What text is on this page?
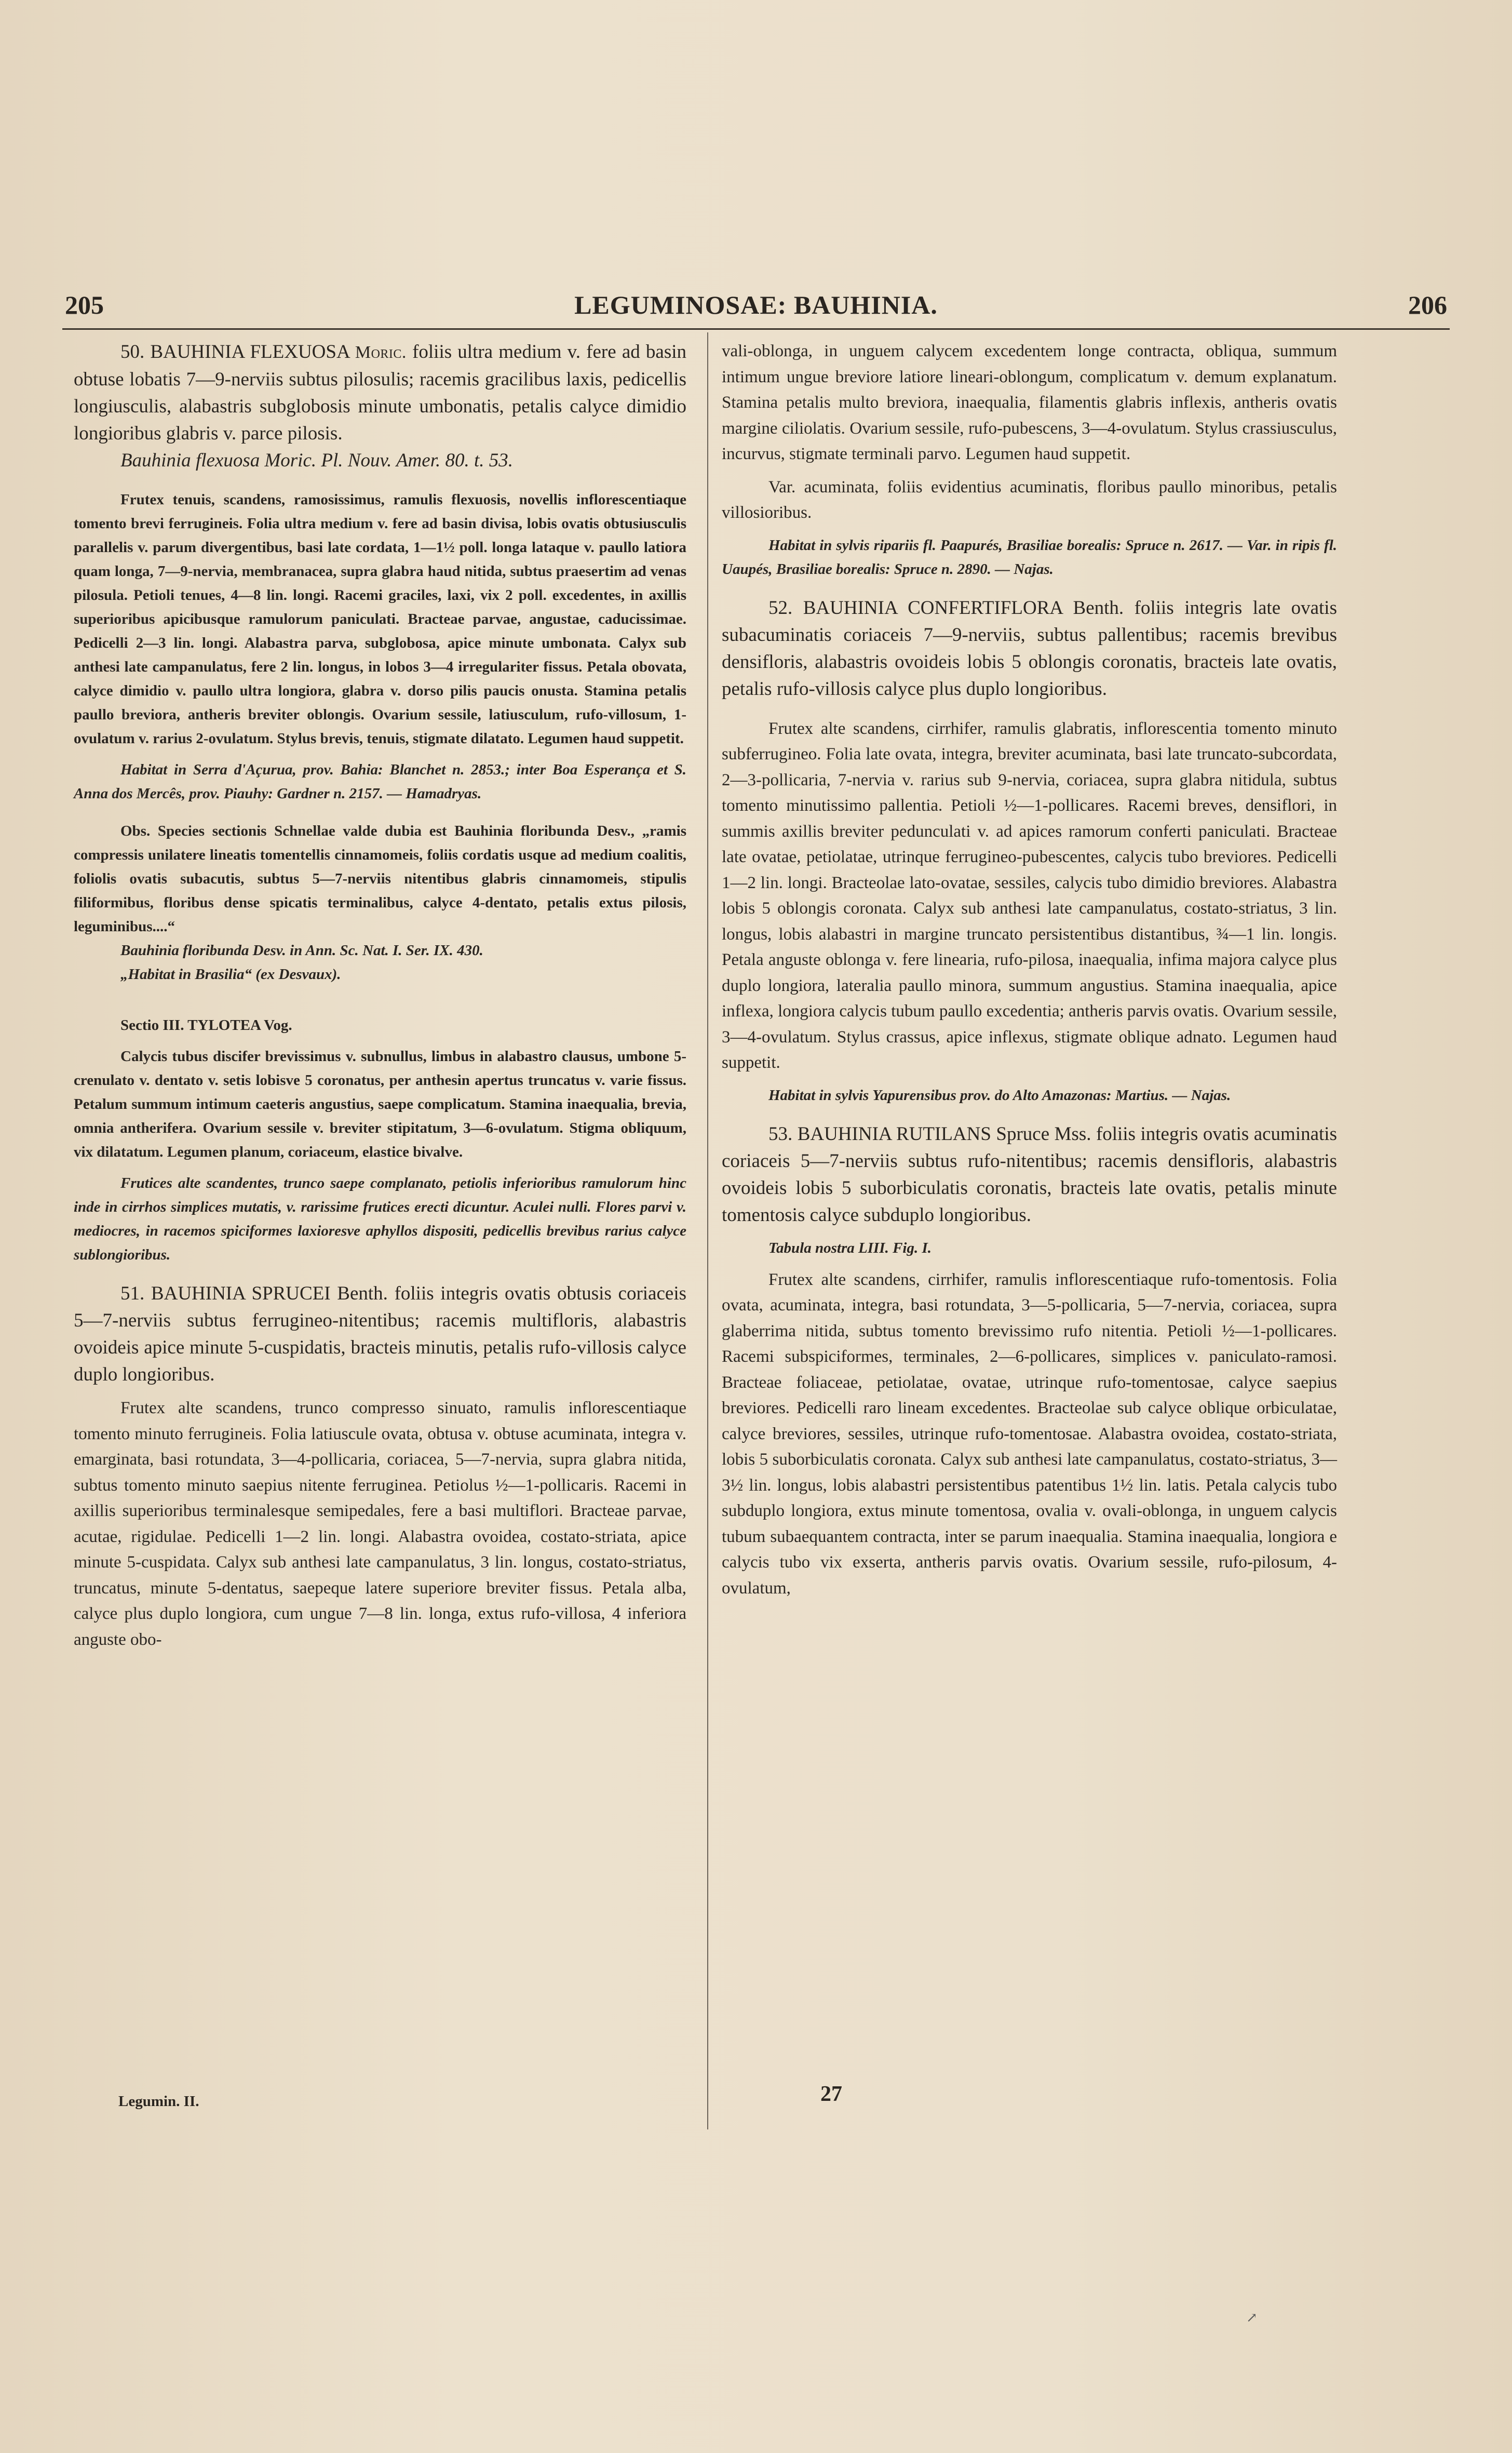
205	LEGUMINOSAE: BAUHINIA.	206

50. BAUHINIA FLEXUOSA Moric. foliis ultra medium v. fere ad basin obtuse lobatis 7—9-nerviis subtus pilosulis; racemis gracilibus laxis, pedicellis longiusculis, alabastris subglobosis minute umbonatis, petalis calyce dimidio longioribus glabris v. parce pilosis.

Bauhinia flexuosa Moric. Pl. Nouv. Amer. 80. t. 53.

Frutex tenuis, scandens, ramosissimus, ramulis flexuosis, novellis inflorescentiaque tomento brevi ferrugineis. Folia ultra medium v. fere ad basin divisa, lobis ovatis obtusiusculis parallelis v. parum divergentibus, basi late cordata, 1—1½ poll. longa lataque v. paullo latiora quam longa, 7—9-nervia, membranacea, supra glabra haud nitida, subtus praesertim ad venas pilosula. Petioli tenues, 4—8 lin. longi. Racemi graciles, laxi, vix 2 poll. excedentes, in axillis superioribus apicibusque ramulorum paniculati. Bracteae parvae, angustae, caducissimae. Pedicelli 2—3 lin. longi. Alabastra parva, subglobosa, apice minute umbonata. Calyx sub anthesi late campanulatus, fere 2 lin. longus, in lobos 3—4 irregulariter fissus. Petala obovata, calyce dimidio v. paullo ultra longiora, glabra v. dorso pilis paucis onusta. Stamina petalis paullo breviora, antheris breviter oblongis. Ovarium sessile, latiusculum, rufo-villosum, 1-ovulatum v. rarius 2-ovulatum. Stylus brevis, tenuis, stigmate dilatato. Legumen haud suppetit.

Habitat in Serra d'Açurua, prov. Bahia: Blanchet n. 2853.; inter Boa Esperança et S. Anna dos Mercês, prov. Piauhy: Gardner n. 2157. — Hamadryas.

Obs. Species sectionis Schnellae valde dubia est Bauhinia floribunda Desv., „ramis compressis unilatere lineatis tomentellis cinnamomeis, foliis cordatis usque ad medium coalitis, foliolis ovatis subacutis, subtus 5—7-nerviis nitentibus glabris cinnamomeis, stipulis filiformibus, floribus dense spicatis terminalibus, calyce 4-dentato, petalis extus pilosis, leguminibus....“

Bauhinia floribunda Desv. in Ann. Sc. Nat. I. Ser. IX. 430.

„Habitat in Brasilia“ (ex Desvaux).

Sectio III. TYLOTEA Vog.

Calycis tubus discifer brevissimus v. subnullus, limbus in alabastro clausus, umbone 5-crenulato v. dentato v. setis lobisve 5 coronatus, per anthesin apertus truncatus v. varie fissus. Petalum summum intimum caeteris angustius, saepe complicatum. Stamina inaequalia, brevia, omnia antherifera. Ovarium sessile v. breviter stipitatum, 3—6-ovulatum. Stigma obliquum, vix dilatatum. Legumen planum, coriaceum, elastice bivalve.

Frutices alte scandentes, trunco saepe complanato, petiolis inferioribus ramulorum hinc inde in cirrhos simplices mutatis, v. rarissime frutices erecti dicuntur. Aculei nulli. Flores parvi v. mediocres, in racemos spiciformes laxioresve aphyllos dispositi, pedicellis brevibus rarius calyce sublongioribus.

51. BAUHINIA SPRUCEI Benth. foliis integris ovatis obtusis coriaceis 5—7-nerviis subtus ferrugineo-nitentibus; racemis multifloris, alabastris ovoideis apice minute 5-cuspidatis, bracteis minutis, petalis rufo-villosis calyce duplo longioribus.

Frutex alte scandens, trunco compresso sinuato, ramulis inflorescentiaque tomento minuto ferrugineis. Folia latiuscule ovata, obtusa v. obtuse acuminata, integra v. emarginata, basi rotundata, 3—4-pollicaria, coriacea, 5—7-nervia, supra glabra nitida, subtus tomento minuto saepius nitente ferruginea. Petiolus ½—1-pollicaris. Racemi in axillis superioribus terminalesque semipedales, fere a basi multiflori. Bracteae parvae, acutae, rigidulae. Pedicelli 1—2 lin. longi. Alabastra ovoidea, costato-striata, apice minute 5-cuspidata. Calyx sub anthesi late campanulatus, 3 lin. longus, costato-striatus, truncatus, minute 5-dentatus, saepeque latere superiore breviter fissus. Petala alba, calyce plus duplo longiora, cum ungue 7—8 lin. longa, extus rufo-villosa, 4 inferiora anguste obo-

Legumin. II.

vali-oblonga, in unguem calycem excedentem longe contracta, obliqua, summum intimum ungue breviore latiore lineari-oblongum, complicatum v. demum explanatum. Stamina petalis multo breviora, inaequalia, filamentis glabris inflexis, antheris ovatis margine ciliolatis. Ovarium sessile, rufo-pubescens, 3—4-ovulatum. Stylus crassiusculus, incurvus, stigmate terminali parvo. Legumen haud suppetit.

Var. acuminata, foliis evidentius acuminatis, floribus paullo minoribus, petalis villosioribus.

Habitat in sylvis ripariis fl. Paapurés, Brasiliae borealis: Spruce n. 2617. — Var. in ripis fl. Uaupés, Brasiliae borealis: Spruce n. 2890. — Najas.

52. BAUHINIA CONFERTIFLORA Benth. foliis integris late ovatis subacuminatis coriaceis 7—9-nerviis, subtus pallentibus; racemis brevibus densifloris, alabastris ovoideis lobis 5 oblongis coronatis, bracteis late ovatis, petalis rufo-villosis calyce plus duplo longioribus.

Frutex alte scandens, cirrhifer, ramulis glabratis, inflorescentia tomento minuto subferrugineo. Folia late ovata, integra, breviter acuminata, basi late truncato-subcordata, 2—3-pollicaria, 7-nervia v. rarius sub 9-nervia, coriacea, supra glabra nitidula, subtus tomento minutissimo pallentia. Petioli ½—1-pollicares. Racemi breves, densiflori, in summis axillis breviter pedunculati v. ad apices ramorum conferti paniculati. Bracteae late ovatae, petiolatae, utrinque ferrugineo-pubescentes, calycis tubo breviores. Pedicelli 1—2 lin. longi. Bracteolae lato-ovatae, sessiles, calycis tubo dimidio breviores. Alabastra lobis 5 oblongis coronata. Calyx sub anthesi late campanulatus, costato-striatus, 3 lin. longus, lobis alabastri in margine truncato persistentibus distantibus, ¾—1 lin. longis. Petala anguste oblonga v. fere linearia, rufo-pilosa, inaequalia, infima majora calyce plus duplo longiora, lateralia paullo minora, summum angustius. Stamina inaequalia, apice inflexa, longiora calycis tubum paullo excedentia; antheris parvis ovatis. Ovarium sessile, 3—4-ovulatum. Stylus crassus, apice inflexus, stigmate oblique adnato. Legumen haud suppetit.

Habitat in sylvis Yapurensibus prov. do Alto Amazonas: Martius. — Najas.

53. BAUHINIA RUTILANS Spruce Mss. foliis integris ovatis acuminatis coriaceis 5—7-nerviis subtus rufo-nitentibus; racemis densifloris, alabastris ovoideis lobis 5 suborbiculatis coronatis, bracteis late ovatis, petalis minute tomentosis calyce subduplo longioribus.

Tabula nostra LIII. Fig. I.

Frutex alte scandens, cirrhifer, ramulis inflorescentiaque rufo-tomentosis. Folia ovata, acuminata, integra, basi rotundata, 3—5-pollicaria, 5—7-nervia, coriacea, supra glaberrima nitida, subtus tomento brevissimo rufo nitentia. Petioli ½—1-pollicares. Racemi subspiciformes, terminales, 2—6-pollicares, simplices v. paniculato-ramosi. Bracteae foliaceae, petiolatae, ovatae, utrinque rufo-tomentosae, calyce saepius breviores. Pedicelli raro lineam excedentes. Bracteolae sub calyce oblique orbiculatae, calyce breviores, sessiles, utrinque rufo-tomentosae. Alabastra ovoidea, costato-striata, lobis 5 suborbiculatis coronata. Calyx sub anthesi late campanulatus, costato-striatus, 3—3½ lin. longus, lobis alabastri persistentibus patentibus 1½ lin. latis. Petala calycis tubo subduplo longiora, extus minute tomentosa, ovalia v. ovali-oblonga, in unguem calycis tubum subaequantem contracta, inter se parum inaequalia. Stamina inaequalia, longiora e calycis tubo vix exserta, antheris parvis ovatis. Ovarium sessile, rufo-pilosum, 4-ovulatum,

27
↗
